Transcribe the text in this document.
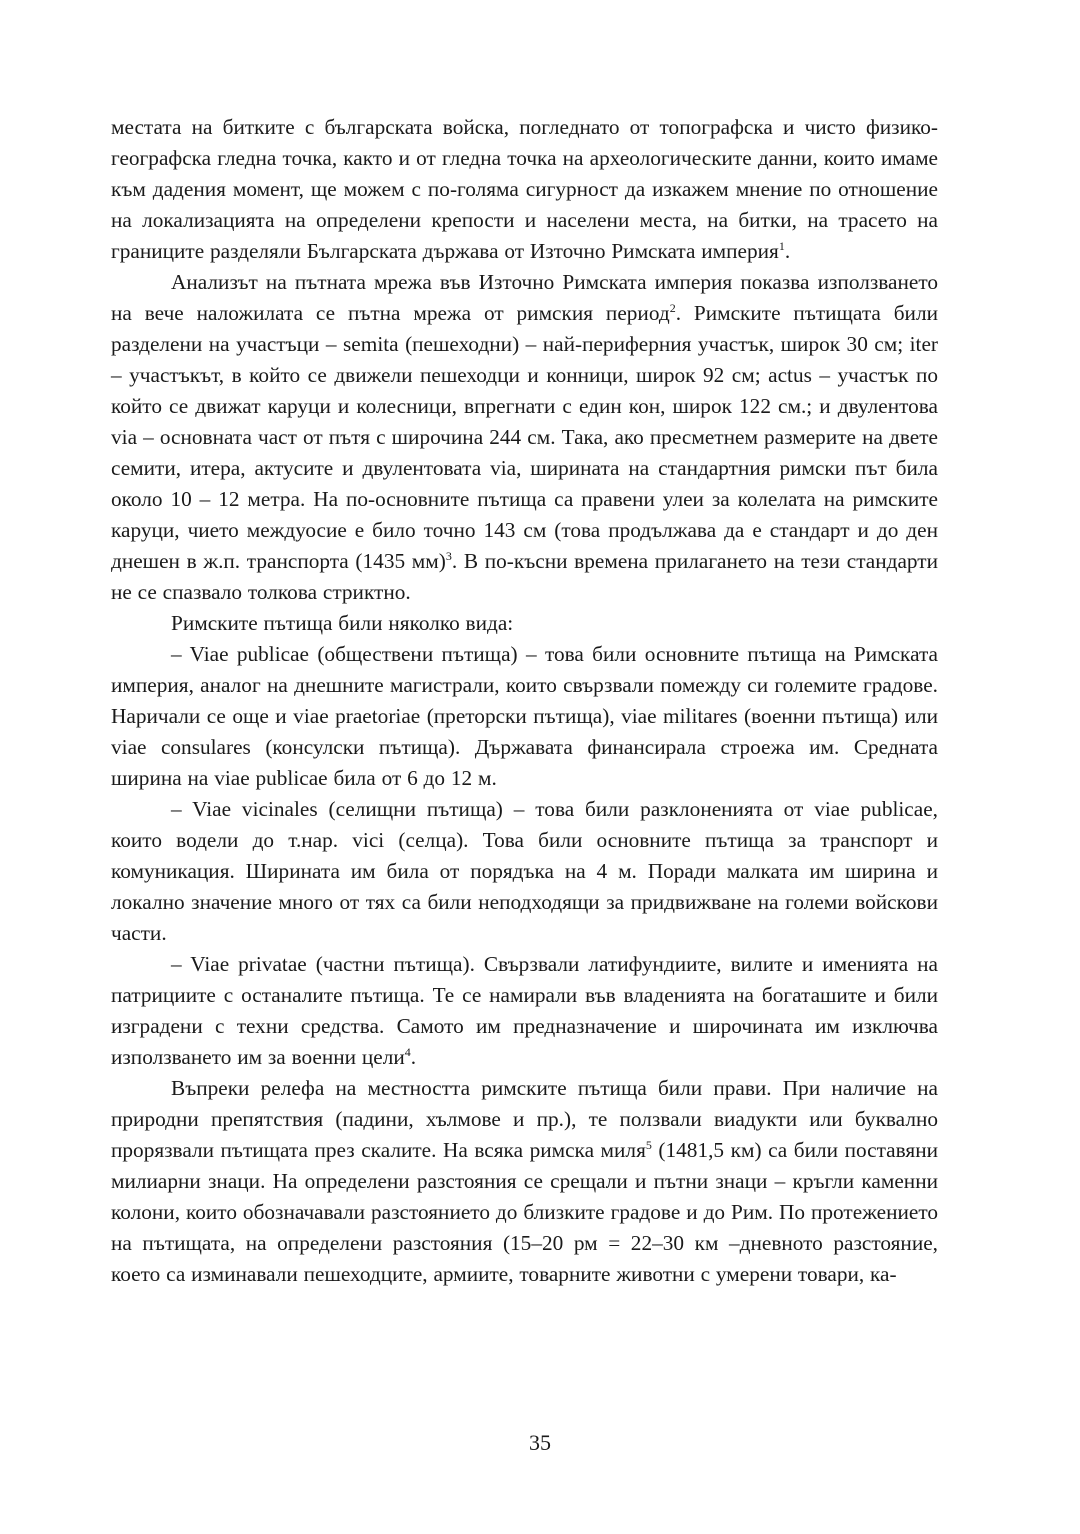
местата на битките с българската войска, погледнато от топографска и чисто физико-географска гледна точка, както и от гледна точка на археологическите данни, които имаме към дадения момент, ще можем с по-голяма сигурност да изкажем мнение по отношение на локализацията на определени крепости и населени места, на битки, на трасето на границите разделяли Българската държава от Източно Римската империя$^1$.

Анализът на пътната мрежа във Източно Римската империя показва използването на вече наложилата се пътна мрежа от римския период$^2$. Римските пътищата били разделени на участъци – semita (пешеходни) – най-периферния участък, широк 30 см; iter – участъкът, в който се движели пешеходци и конници, широк 92 см; actus – участък по който се движат каруци и колесници, впрегнати с един кон, широк 122 см.; и двулентова via – основната част от пътя с широчина 244 см. Така, ако пресметнем размерите на двете семити, итера, актусите и двулентовата via, ширината на стандартния римски път била около 10 – 12 метра. На по-основните пътища са правени улеи за колелата на римските каруци, чието междуосие е било точно 143 см (това продължава да е стандарт и до ден днешен в ж.п. транспорта (1435 мм)$^3$. В по-късни времена прилагането на тези стандарти не се спазвало толкова стриктно.

Римските пътища били няколко вида:

– Viae publicae (обществени пътища) – това били основните пътища на Римската империя, аналог на днешните магистрали, които свързвали помежду си големите градове. Наричали се още и viae praetoriae (преторски пътища), viae militares (военни пътища) или viae consulares (консулски пътища). Държавата финансирала строежа им. Средната ширина на viae publicae била от 6 до 12 м.

– Viae vicinales (селищни пътища) – това били разклоненията от viae publicae, които водели до т.нар. vici (селца). Това били основните пътища за транспорт и комуникация. Ширината им била от порядъка на 4 м. Поради малката им ширина и локално значение много от тях са били неподходящи за придвижване на големи войскови части.

– Viae privatae (частни пътища). Свързвали латифундиите, вилите и именията на патрициите с останалите пътища. Те се намирали във владенията на богаташите и били изградени с техни средства. Самото им предназначение и широчината им изключва използването им за военни цели$^4$.

Въпреки релефа на местността римските пътища били прави. При наличие на природни препятствия (падини, хълмове и пр.), те ползвали виадукти или буквално прорязвали пътищата през скалите. На всяка римска миля$^5$ (1481,5 км) са били поставяни милиарни знаци. На определени разстояния се срещали и пътни знаци – кръгли каменни колони, които обозначавали разстоянието до близките градове и до Рим. По протежението на пътищата, на определени разстояния (15–20 рм = 22–30 км –дневното разстояние, което са изминавали пешеходците, армиите, товарните животни с умерени товари, ка-

35
